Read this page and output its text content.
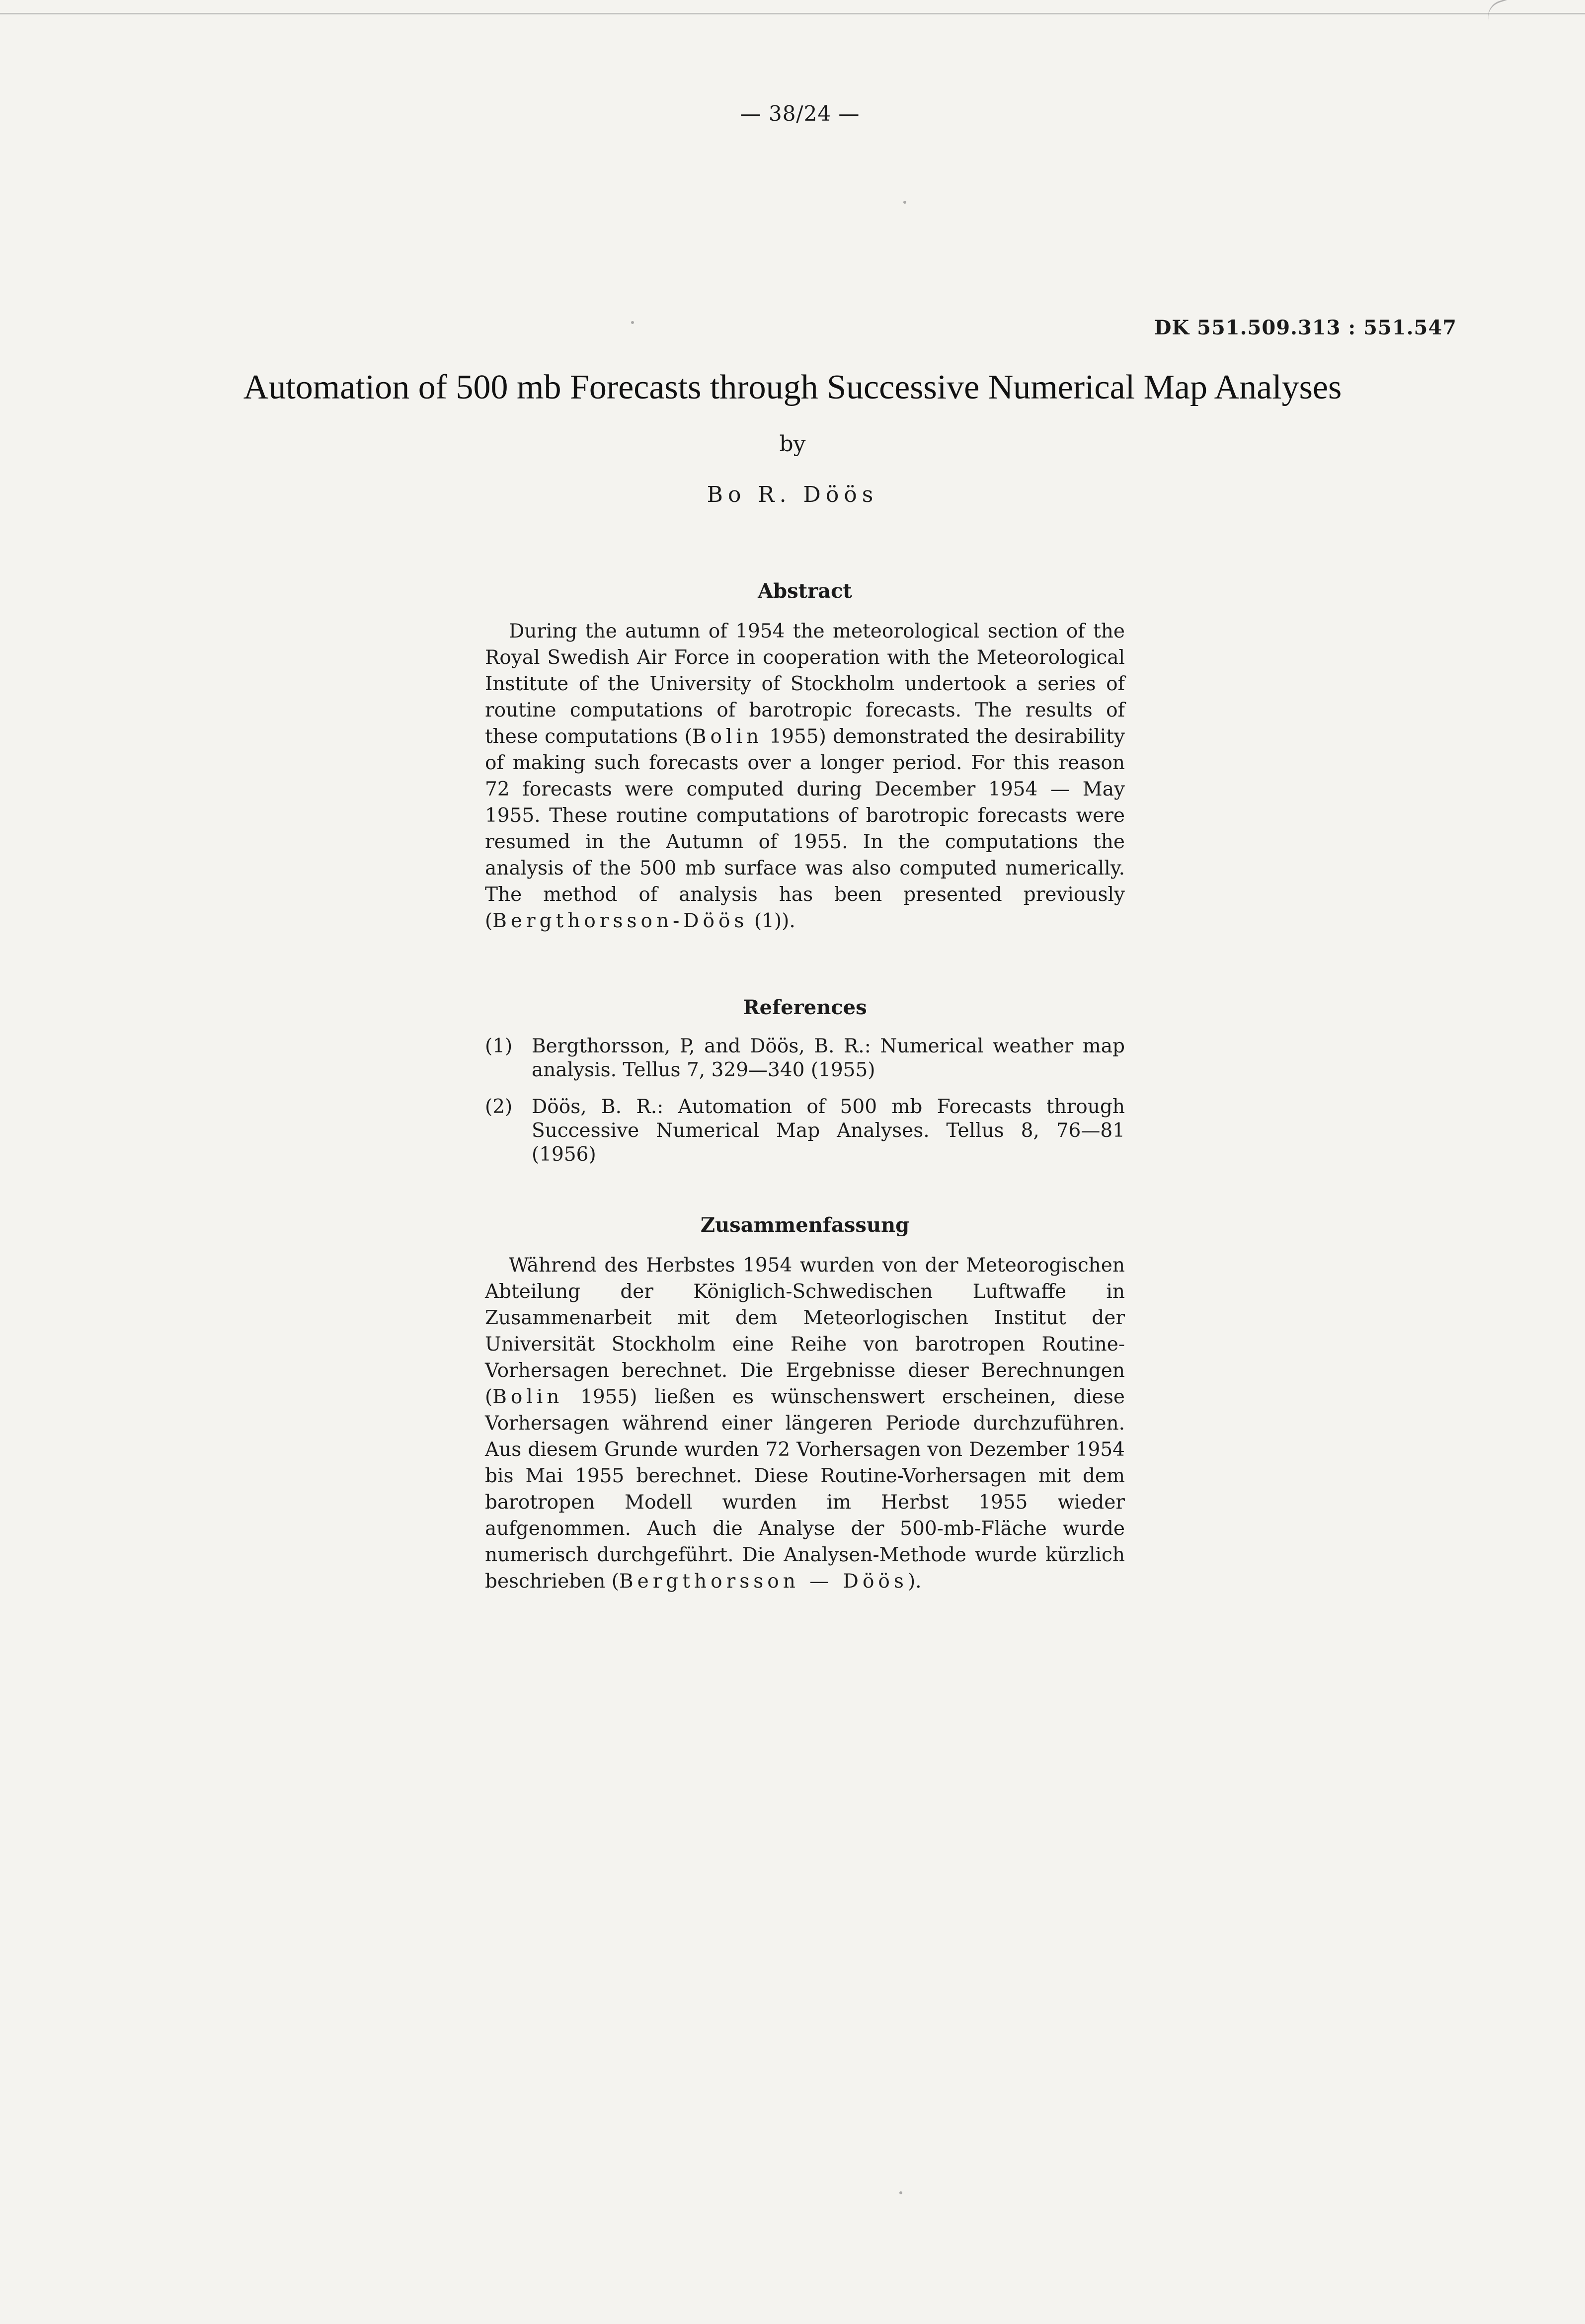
— 38/24 —
DK 551.509.313 : 551.547
Automation of 500 mb Forecasts through Successive Numerical Map Analyses
by
Bo R. Döös
Abstract

During the autumn of 1954 the meteorological section of the Royal Swedish Air Force in cooperation with the Meteorological Institute of the University of Stockholm undertook a series of routine computations of barotropic forecasts. The results of these computations (Bolin 1955) demonstrated the desirability of making such forecasts over a longer period. For this reason 72 forecasts were computed during December 1954 — May 1955. These routine computations of barotropic forecasts were resumed in the Autumn of 1955. In the computations the analysis of the 500 mb surface was also computed numerically. The method of analysis has been presented previously (Bergthorsson-Döös (1)).

References
(1) Bergthorsson, P, and Döös, B. R.: Numerical weather map analysis. Tellus 7, 329—340 (1955)
(2) Döös, B. R.: Automation of 500 mb Forecasts through Successive Numerical Map Analyses. Tellus 8, 76—81 (1956)
Zusammenfassung

Während des Herbstes 1954 wurden von der Meteorogischen Abteilung der Königlich-Schwedischen Luftwaffe in Zusammenarbeit mit dem Meteorlogischen Institut der Universität Stockholm eine Reihe von barotropen Routine-Vorhersagen berechnet. Die Ergebnisse dieser Berechnungen (Bolin 1955) ließen es wünschenswert erscheinen, diese Vorhersagen während einer längeren Periode durchzuführen. Aus diesem Grunde wurden 72 Vorhersagen von Dezember 1954 bis Mai 1955 berechnet. Diese Routine-Vorhersagen mit dem barotropen Modell wurden im Herbst 1955 wieder aufgenommen. Auch die Analyse der 500-mb-Fläche wurde numerisch durchgeführt. Die Analysen-Methode wurde kürzlich beschrieben (Bergthorsson — Döös).
